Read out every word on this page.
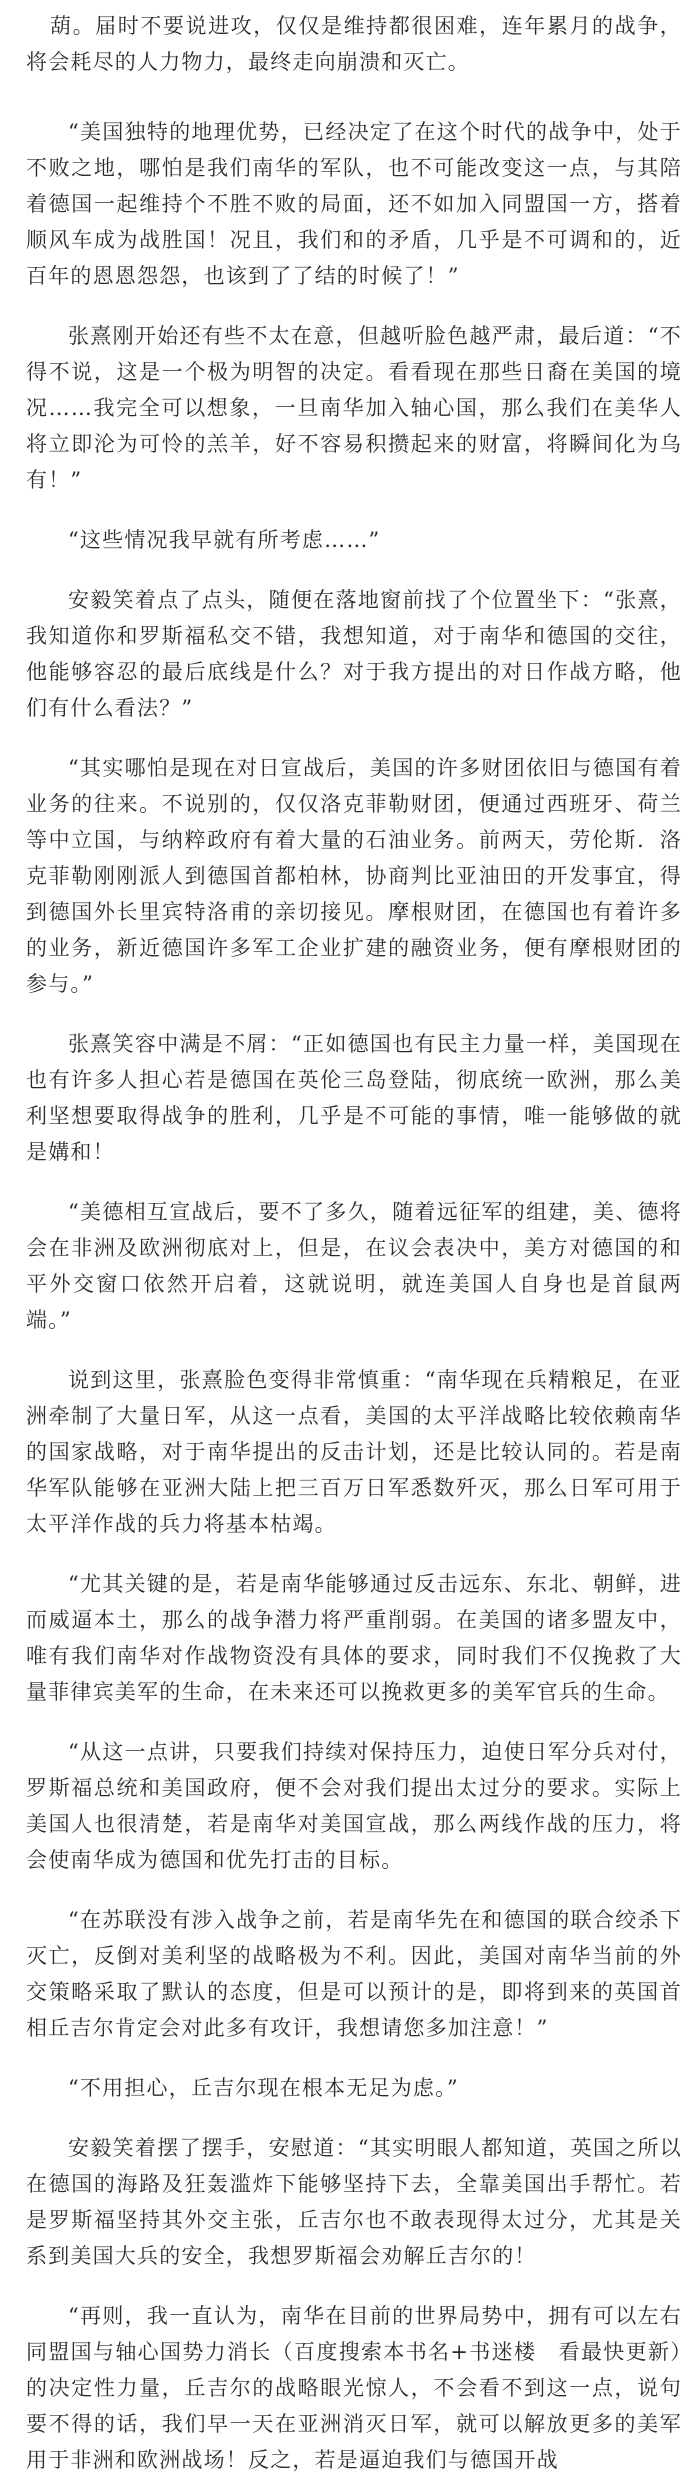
葫。届时不要说进攻，仅仅是维持都很困难，连年累月的战争，将会耗尽的人力物力，最终走向崩溃和灭亡。

“美国独特的地理优势，已经决定了在这个时代的战争中，处于不败之地，哪怕是我们南华的军队，也不可能改变这一点，与其陪着德国一起维持个不胜不败的局面，还不如加入同盟国一方，搭着顺风车成为战胜国！况且，我们和的矛盾，几乎是不可调和的，近百年的恩恩怨怨，也该到了了结的时候了！”

张熹刚开始还有些不太在意，但越听脸色越严肃，最后道：“不得不说，这是一个极为明智的决定。看看现在那些日裔在美国的境况……我完全可以想象，一旦南华加入轴心国，那么我们在美华人将立即沦为可怜的羔羊，好不容易积攒起来的财富，将瞬间化为乌有！”

“这些情况我早就有所考虑……”

安毅笑着点了点头，随便在落地窗前找了个位置坐下：“张熹，我知道你和罗斯福私交不错，我想知道，对于南华和德国的交往，他能够容忍的最后底线是什么？对于我方提出的对日作战方略，他们有什么看法？”

“其实哪怕是现在对日宣战后，美国的许多财团依旧与德国有着业务的往来。不说别的，仅仅洛克菲勒财团，便通过西班牙、荷兰等中立国，与纳粹政府有着大量的石油业务。前两天，劳伦斯．洛克菲勒刚刚派人到德国首都柏林，协商判比亚油田的开发事宜，得到德国外长里宾特洛甫的亲切接见。摩根财团，在德国也有着许多的业务，新近德国许多军工企业扩建的融资业务，便有摩根财团的参与。”

张熹笑容中满是不屑：“正如德国也有民主力量一样，美国现在也有许多人担心若是德国在英伦三岛登陆，彻底统一欧洲，那么美利坚想要取得战争的胜利，几乎是不可能的事情，唯一能够做的就是媾和！

“美德相互宣战后，要不了多久，随着远征军的组建，美、德将会在非洲及欧洲彻底对上，但是，在议会表决中，美方对德国的和平外交窗口依然开启着，这就说明，就连美国人自身也是首鼠两端。”

说到这里，张熹脸色变得非常慎重：“南华现在兵精粮足，在亚洲牵制了大量日军，从这一点看，美国的太平洋战略比较依赖南华的国家战略，对于南华提出的反击计划，还是比较认同的。若是南华军队能够在亚洲大陆上把三百万日军悉数歼灭，那么日军可用于太平洋作战的兵力将基本枯竭。

“尤其关键的是，若是南华能够通过反击远东、东北、朝鲜，进而威逼本土，那么的战争潜力将严重削弱。在美国的诸多盟友中，唯有我们南华对作战物资没有具体的要求，同时我们不仅挽救了大量菲律宾美军的生命，在未来还可以挽救更多的美军官兵的生命。

“从这一点讲，只要我们持续对保持压力，迫使日军分兵对付，罗斯福总统和美国政府，便不会对我们提出太过分的要求。实际上美国人也很清楚，若是南华对美国宣战，那么两线作战的压力，将会使南华成为德国和优先打击的目标。

“在苏联没有涉入战争之前，若是南华先在和德国的联合绞杀下灭亡，反倒对美利坚的战略极为不利。因此，美国对南华当前的外交策略采取了默认的态度，但是可以预计的是，即将到来的英国首相丘吉尔肯定会对此多有攻讦，我想请您多加注意！”

“不用担心，丘吉尔现在根本无足为虑。”

安毅笑着摆了摆手，安慰道：“其实明眼人都知道，英国之所以在德国的海路及狂轰滥炸下能够坚持下去，全靠美国出手帮忙。若是罗斯福坚持其外交主张，丘吉尔也不敢表现得太过分，尤其是关系到美国大兵的安全，我想罗斯福会劝解丘吉尔的！

“再则，我一直认为，南华在目前的世界局势中，拥有可以左右同盟国与轴心国势力消长（百度搜索本书名+书迷楼　看最快更新）的决定性力量，丘吉尔的战略眼光惊人，不会看不到这一点，说句要不得的话，我们早一天在亚洲消灭日军，就可以解放更多的美军用于非洲和欧洲战场！反之，若是逼迫我们与德国开战
